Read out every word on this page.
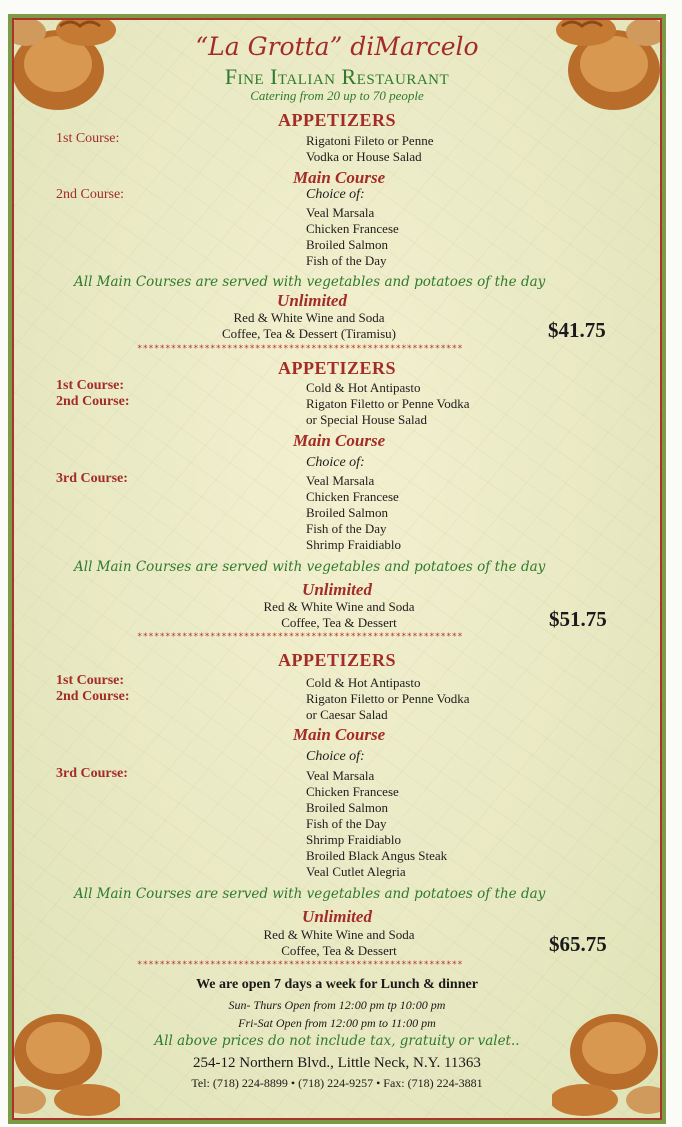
“La Grotta” diMarcelo
Fine Italian Restaurant
Catering from 20 up to 70 people
APPETIZERS
1st Course:	Rigatoni Fileto or Penne
Vodka or House Salad
Main Course
2nd Course:	Choice of:
Veal Marsala
Chicken Francese
Broiled Salmon
Fish of the Day
All Main Courses are served with vegetables and potatoes of the day
Unlimited
Red & White Wine and Soda
Coffee, Tea & Dessert (Tiramisu)	$41.75
**********************************************************
APPETIZERS
1st Course:
2nd Course:
Cold & Hot Antipasto
Rigaton Filetto or Penne Vodka
or Special House Salad
Main Course
Choice of:
3rd Course:	Veal Marsala
Chicken Francese
Broiled Salmon
Fish of the Day
Shrimp Fraidiablo
All Main Courses are served with vegetables and potatoes of the day
Unlimited
Red & White Wine and Soda
Coffee, Tea & Dessert	$51.75
**********************************************************
APPETIZERS
1st Course:
2nd Course:
Cold & Hot Antipasto
Rigaton Filetto or Penne Vodka
or Caesar Salad
Main Course
Choice of:
3rd Course:	Veal Marsala
Chicken Francese
Broiled Salmon
Fish of the Day
Shrimp Fraidiablo
Broiled Black Angus Steak
Veal Cutlet Alegria
All Main Courses are served with vegetables and potatoes of the day
Unlimited
Red & White Wine and Soda
Coffee, Tea & Dessert	$65.75
**********************************************************
We are open 7 days a week for Lunch & dinner
Sun- Thurs Open from 12:00 pm tp 10:00 pm
Fri-Sat Open from 12:00 pm to 11:00 pm
All above prices do not include tax, gratuity or valet..
254-12 Northern Blvd., Little Neck, N.Y. 11363
Tel: (718) 224-8899 • (718) 224-9257 • Fax: (718) 224-3881
